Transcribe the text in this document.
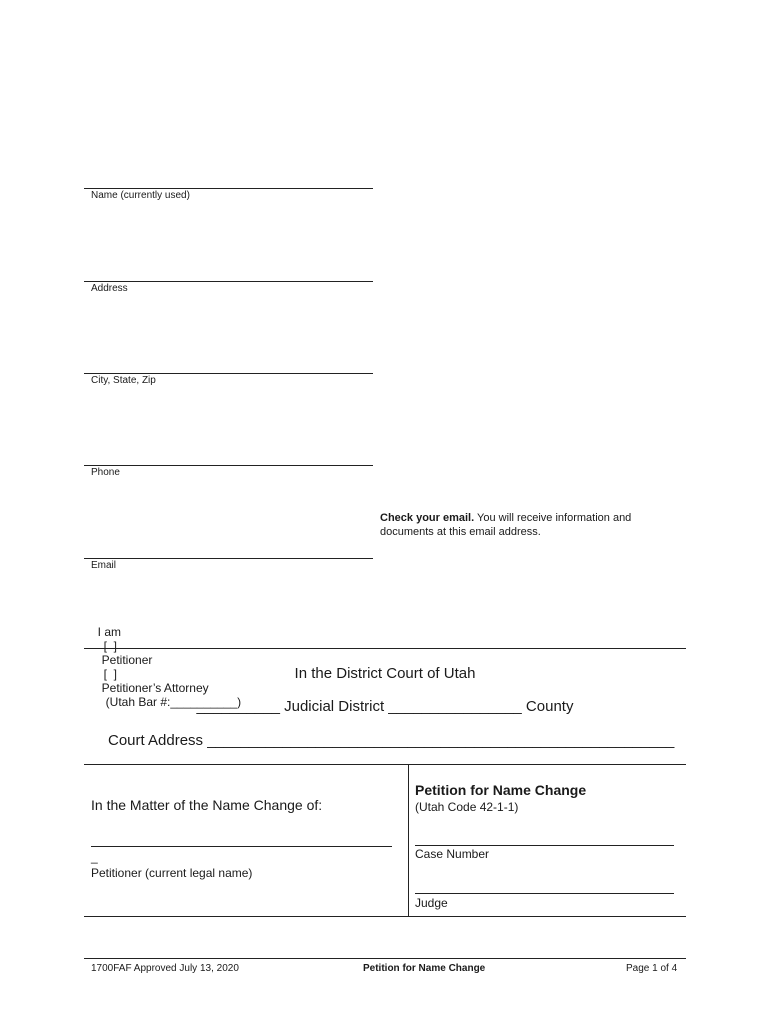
Name (currently used)
Address
City, State, Zip
Phone
Check your email. You will receive information and
documents at this email address.
Email

I am
[  ]
Petitioner
[  ]
Petitioner’s Attorney
(Utah Bar #:__________)

In the District Court of Utah
__________ Judicial District ________________ County
Court Address ________________________________________________________
In the Matter of the Name Change of:
_
Petitioner (current legal name)
Petition for Name Change
(Utah Code 42-1-1)
Case Number
Judge
1700FAF Approved July 13, 2020	Petition for Name Change	Page 1 of 4
